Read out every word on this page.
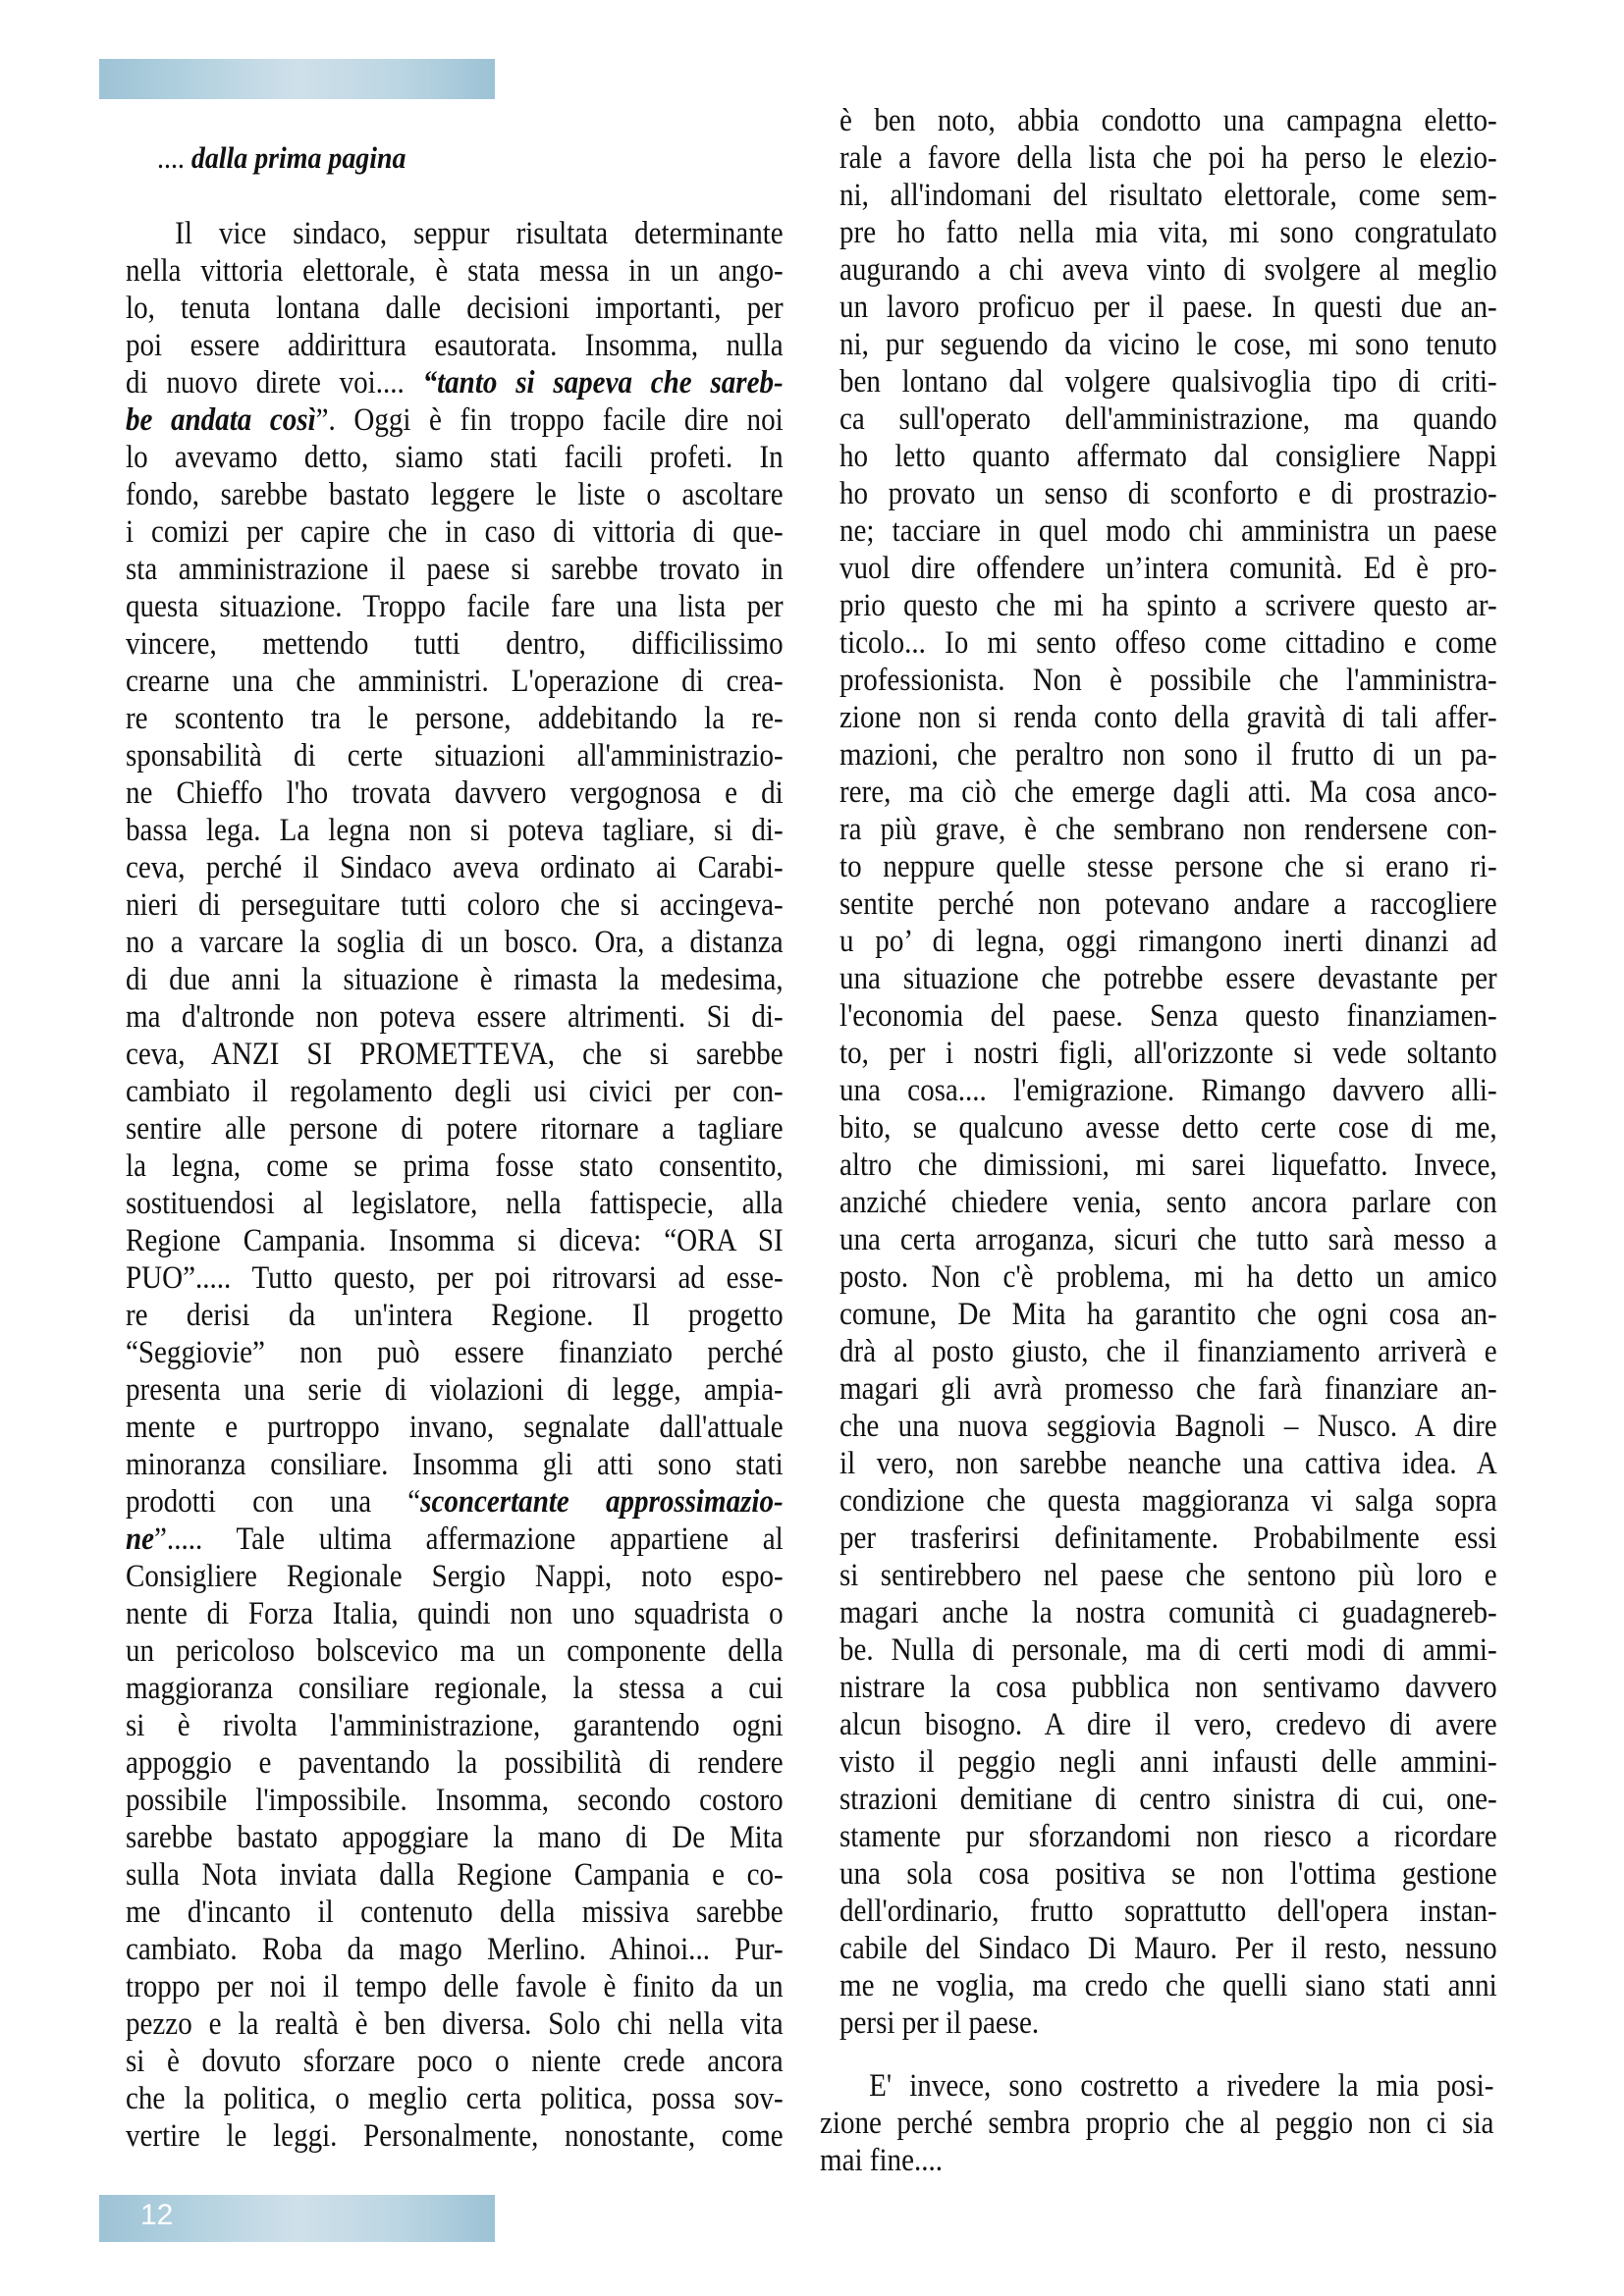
.... dalla prima pagina
Il vice sindaco, seppur risultata determinante
nella vittoria elettorale, è stata messa in un ango-
lo, tenuta lontana dalle decisioni importanti, per
poi essere addirittura esautorata. Insomma, nulla
di nuovo direte voi.... “tanto si sapeva che sareb-
be andata così”. Oggi è fin troppo facile dire noi
lo avevamo detto, siamo stati facili profeti. In
fondo, sarebbe bastato leggere le liste o ascoltare
i comizi per capire che in caso di vittoria di que-
sta amministrazione il paese si sarebbe trovato in
questa situazione. Troppo facile fare una lista per
vincere, mettendo tutti dentro, difficilissimo
crearne una che amministri. L'operazione di crea-
re scontento tra le persone, addebitando la re-
sponsabilità di certe situazioni all'amministrazio-
ne Chieffo l'ho trovata davvero vergognosa e di
bassa lega. La legna non si poteva tagliare, si di-
ceva, perché il Sindaco aveva ordinato ai Carabi-
nieri di perseguitare tutti coloro che si accingeva-
no a varcare la soglia di un bosco. Ora, a distanza
di due anni la situazione è rimasta la medesima,
ma d'altronde non poteva essere altrimenti. Si di-
ceva, ANZI SI PROMETTEVA, che si sarebbe
cambiato il regolamento degli usi civici per con-
sentire alle persone di potere ritornare a tagliare
la legna, come se prima fosse stato consentito,
sostituendosi al legislatore, nella fattispecie, alla
Regione Campania. Insomma si diceva: “ORA SI
PUO”..... Tutto questo, per poi ritrovarsi ad esse-
re derisi da un'intera Regione. Il progetto
“Seggiovie” non può essere finanziato perché
presenta una serie di violazioni di legge, ampia-
mente e purtroppo invano, segnalate dall'attuale
minoranza consiliare. Insomma gli atti sono stati
prodotti con una “sconcertante approssimazio-
ne”..... Tale ultima affermazione appartiene al
Consigliere Regionale Sergio Nappi, noto espo-
nente di Forza Italia, quindi non uno squadrista o
un pericoloso bolscevico ma un componente della
maggioranza consiliare regionale, la stessa a cui
si è rivolta l'amministrazione, garantendo ogni
appoggio e paventando la possibilità di rendere
possibile l'impossibile. Insomma, secondo costoro
sarebbe bastato appoggiare la mano di De Mita
sulla Nota inviata dalla Regione Campania e co-
me d'incanto il contenuto della missiva sarebbe
cambiato. Roba da mago Merlino. Ahinoi... Pur-
troppo per noi il tempo delle favole è finito da un
pezzo e la realtà è ben diversa. Solo chi nella vita
si è dovuto sforzare poco o niente crede ancora
che la politica, o meglio certa politica, possa sov-
vertire le leggi. Personalmente, nonostante, come
è ben noto, abbia condotto una campagna eletto-
rale a favore della lista che poi ha perso le elezio-
ni, all'indomani del risultato elettorale, come sem-
pre ho fatto nella mia vita, mi sono congratulato
augurando a chi aveva vinto di svolgere al meglio
un lavoro proficuo per il paese. In questi due an-
ni, pur seguendo da vicino le cose, mi sono tenuto
ben lontano dal volgere qualsivoglia tipo di criti-
ca sull'operato dell'amministrazione, ma quando
ho letto quanto affermato dal consigliere Nappi
ho provato un senso di sconforto e di prostrazio-
ne; tacciare in quel modo chi amministra un paese
vuol dire offendere un’intera comunità. Ed è pro-
prio questo che mi ha spinto a scrivere questo ar-
ticolo... Io mi sento offeso come cittadino e come
professionista. Non è possibile che l'amministra-
zione non si renda conto della gravità di tali affer-
mazioni, che peraltro non sono il frutto di un pa-
rere, ma ciò che emerge dagli atti. Ma cosa anco-
ra più grave, è che sembrano non rendersene con-
to neppure quelle stesse persone che si erano ri-
sentite perché non potevano andare a raccogliere
u po’ di legna, oggi rimangono inerti dinanzi ad
una situazione che potrebbe essere devastante per
l'economia del paese. Senza questo finanziamen-
to, per i nostri figli, all'orizzonte si vede soltanto
una cosa.... l'emigrazione. Rimango davvero alli-
bito, se qualcuno avesse detto certe cose di me,
altro che dimissioni, mi sarei liquefatto. Invece,
anziché chiedere venia, sento ancora parlare con
una certa arroganza, sicuri che tutto sarà messo a
posto. Non c'è problema, mi ha detto un amico
comune, De Mita ha garantito che ogni cosa an-
drà al posto giusto, che il finanziamento arriverà e
magari gli avrà promesso che farà finanziare an-
che una nuova seggiovia Bagnoli – Nusco. A dire
il vero, non sarebbe neanche una cattiva idea. A
condizione che questa maggioranza vi salga sopra
per trasferirsi definitamente. Probabilmente essi
si sentirebbero nel paese che sentono più loro e
magari anche la nostra comunità ci guadagnereb-
be. Nulla di personale, ma di certi modi di ammi-
nistrare la cosa pubblica non sentivamo davvero
alcun bisogno. A dire il vero, credevo di avere
visto il peggio negli anni infausti delle ammini-
strazioni demitiane di centro sinistra di cui, one-
stamente pur sforzandomi non riesco a ricordare
una sola cosa positiva se non l'ottima gestione
dell'ordinario, frutto soprattutto dell'opera instan-
cabile del Sindaco Di Mauro. Per il resto, nessuno
me ne voglia, ma credo che quelli siano stati anni
persi per il paese.
E' invece, sono costretto a rivedere la mia posi-
zione perché sembra proprio che al peggio non ci sia
mai fine....
12
